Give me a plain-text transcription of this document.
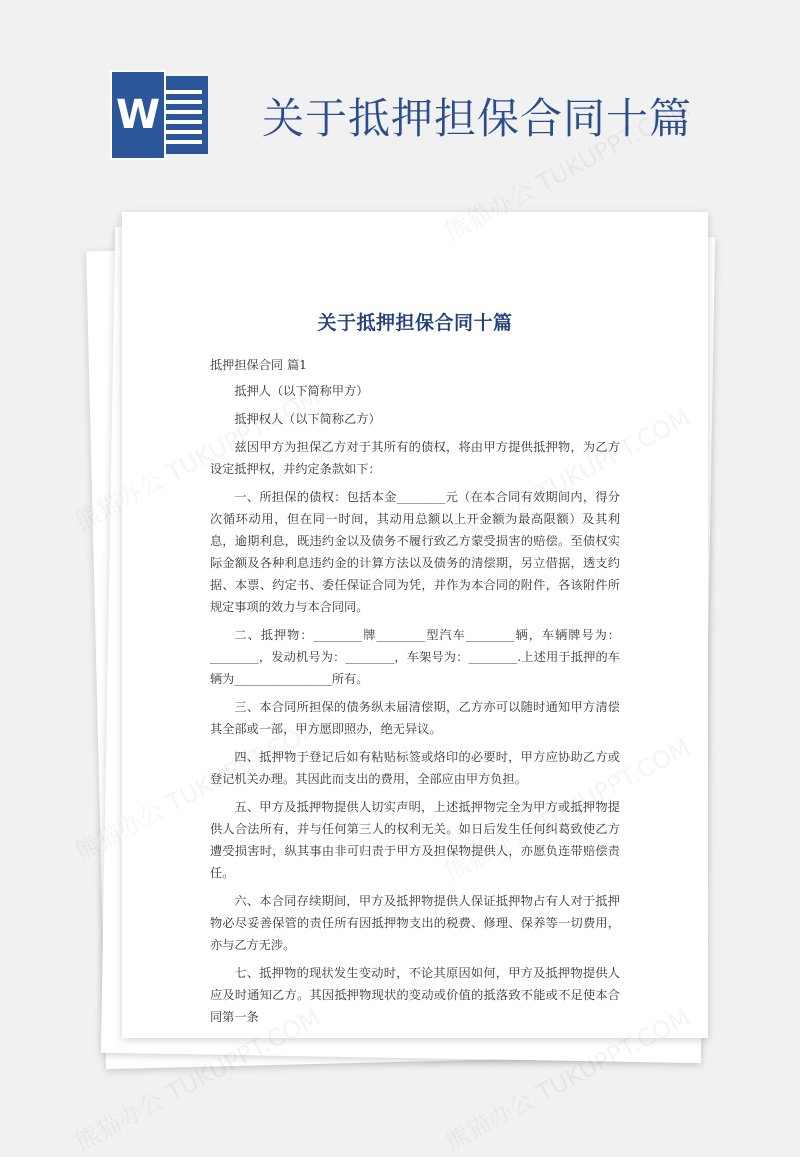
W 关于抵押担保合同十篇
关于抵押担保合同十篇

抵押担保合同 篇1

抵押人（以下简称甲方）

抵押权人（以下简称乙方）

兹因甲方为担保乙方对于其所有的债权，将由甲方提供抵押物，为乙方设定抵押权，并约定条款如下：

一、所担保的债权：包括本金________元（在本合同有效期间内，得分次循环动用，但在同一时间，其动用总额以上开金额为最高限额）及其利息，逾期利息，既违约金以及债务不履行致乙方蒙受损害的赔偿。至债权实际金额及各种利息违约金的计算方法以及债务的清偿期，另立借据，透支约据、本票、约定书、委任保证合同为凭，并作为本合同的附件，各该附件所规定事项的效力与本合同同。

二、抵押物：________牌________型汽车________辆，车辆牌号为：________，发动机号为：________，车架号为：________.上述用于抵押的车辆为________________所有。

三、本合同所担保的债务纵未届清偿期，乙方亦可以随时通知甲方清偿其全部或一部，甲方愿即照办，绝无异议。

四、抵押物于登记后如有粘贴标签或烙印的必要时，甲方应协助乙方或登记机关办理。其因此而支出的费用，全部应由甲方负担。

五、甲方及抵押物提供人切实声明，上述抵押物完全为甲方或抵押物提供人合法所有，并与任何第三人的权利无关。如日后发生任何纠葛致使乙方遭受损害时，纵其事由非可归责于甲方及担保物提供人，亦愿负连带赔偿责任。

六、本合同存续期间，甲方及抵押物提供人保证抵押物占有人对于抵押物必尽妥善保管的责任所有因抵押物支出的税费、修理、保养等一切费用，亦与乙方无涉。

七、抵押物的现状发生变动时，不论其原因如何，甲方及抵押物提供人应及时通知乙方。其因抵押物现状的变动或价值的抵落致不能或不足使本合同第一条
